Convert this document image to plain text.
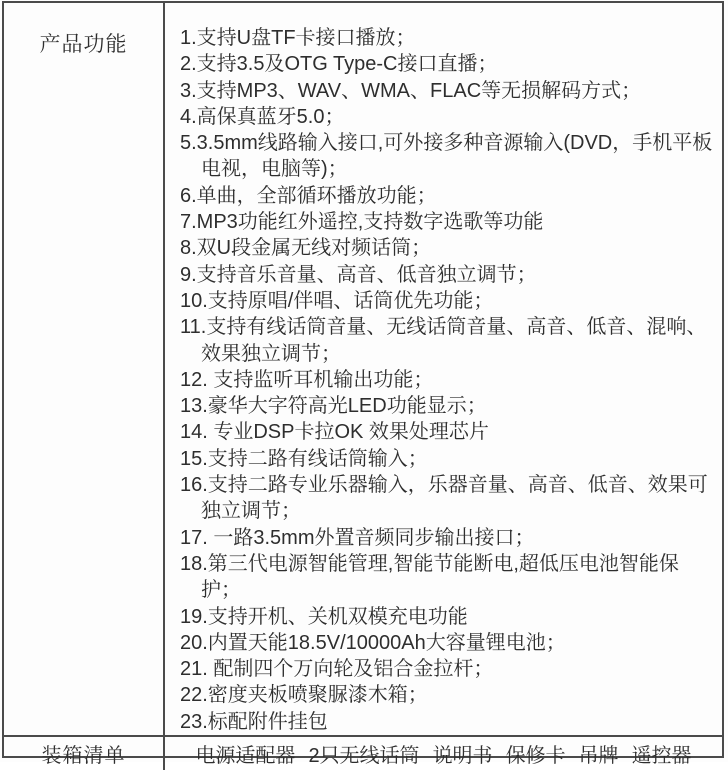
产品功能	1.支持U盘TF卡接口播放；
2.支持3.5及OTG Type-C接口直播；
3.支持MP3、WAV、WMA、FLAC等无损解码方式；
4.高保真蓝牙5.0；
5.3.5mm线路输入接口,可外接多种音源输入(DVD，手机平板电视，电脑等)；
6.单曲，全部循环播放功能；
7.MP3功能红外遥控,支持数字选歌等功能
8.双U段金属无线对频话筒；
9.支持音乐音量、高音、低音独立调节；
10.支持原唱/伴唱、话筒优先功能；
11.支持有线话筒音量、无线话筒音量、高音、低音、混响、效果独立调节；
12. 支持监听耳机输出功能；
13.豪华大字符高光LED功能显示；
14. 专业DSP卡拉OK 效果处理芯片
15.支持二路有线话筒输入；
16.支持二路专业乐器输入，乐器音量、高音、低音、效果可独立调节；
17. 一路3.5mm外置音频同步输出接口；
18.第三代电源智能管理,智能节能断电,超低压电池智能保护；
19.支持开机、关机双模充电功能
20.内置天能18.5V/10000Ah大容量锂电池；
21. 配制四个万向轮及铝合金拉杆；
22.密度夹板喷聚脲漆木箱；
23.标配附件挂包
装箱清单	电源适配器 2只无线话筒 说明书 保修卡 吊牌 遥控器
